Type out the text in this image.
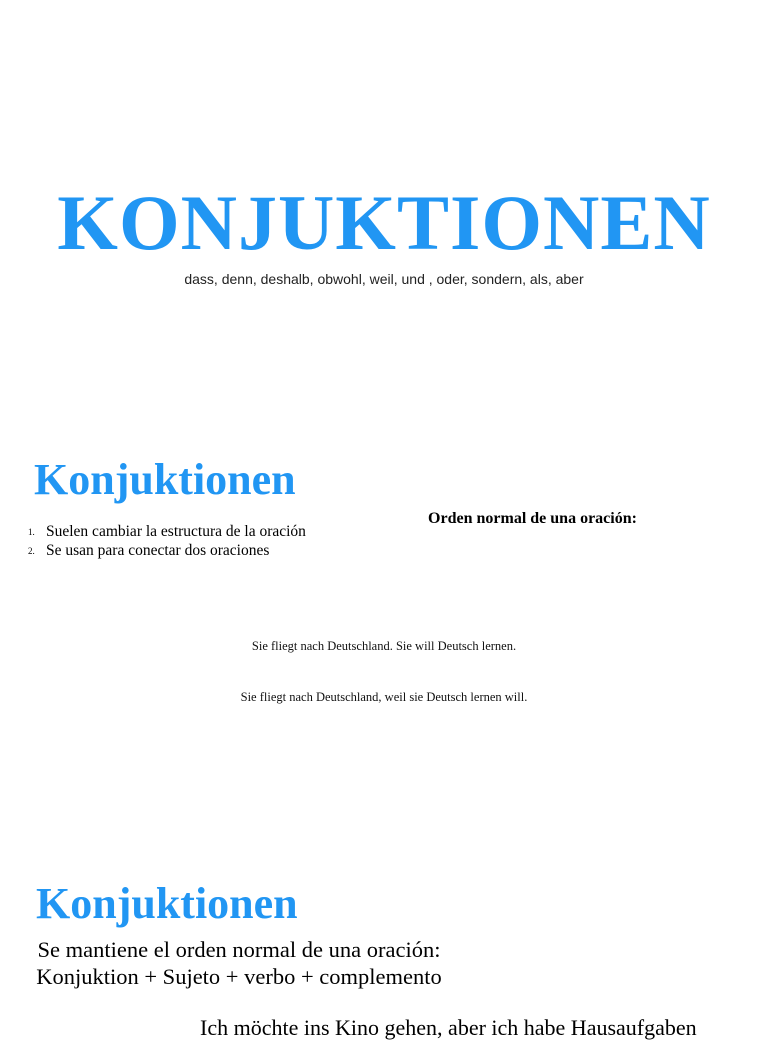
KONJUKTIONEN

dass, denn, deshalb, obwohl, weil, und , oder, sondern, als, aber

Konjuktionen
1. Suelen cambiar la estructura de la oración
2. Se usan para conectar dos oraciones

Orden normal de una oración:

Sie fliegt nach Deutschland. Sie will Deutsch lernen.

Sie fliegt nach Deutschland, weil sie Deutsch lernen will.

Konjuktionen
Se mantiene el orden normal de una oración:
Konjuktion + Sujeto + verbo + complemento

Ich möchte ins Kino gehen, aber ich habe Hausaufgaben
